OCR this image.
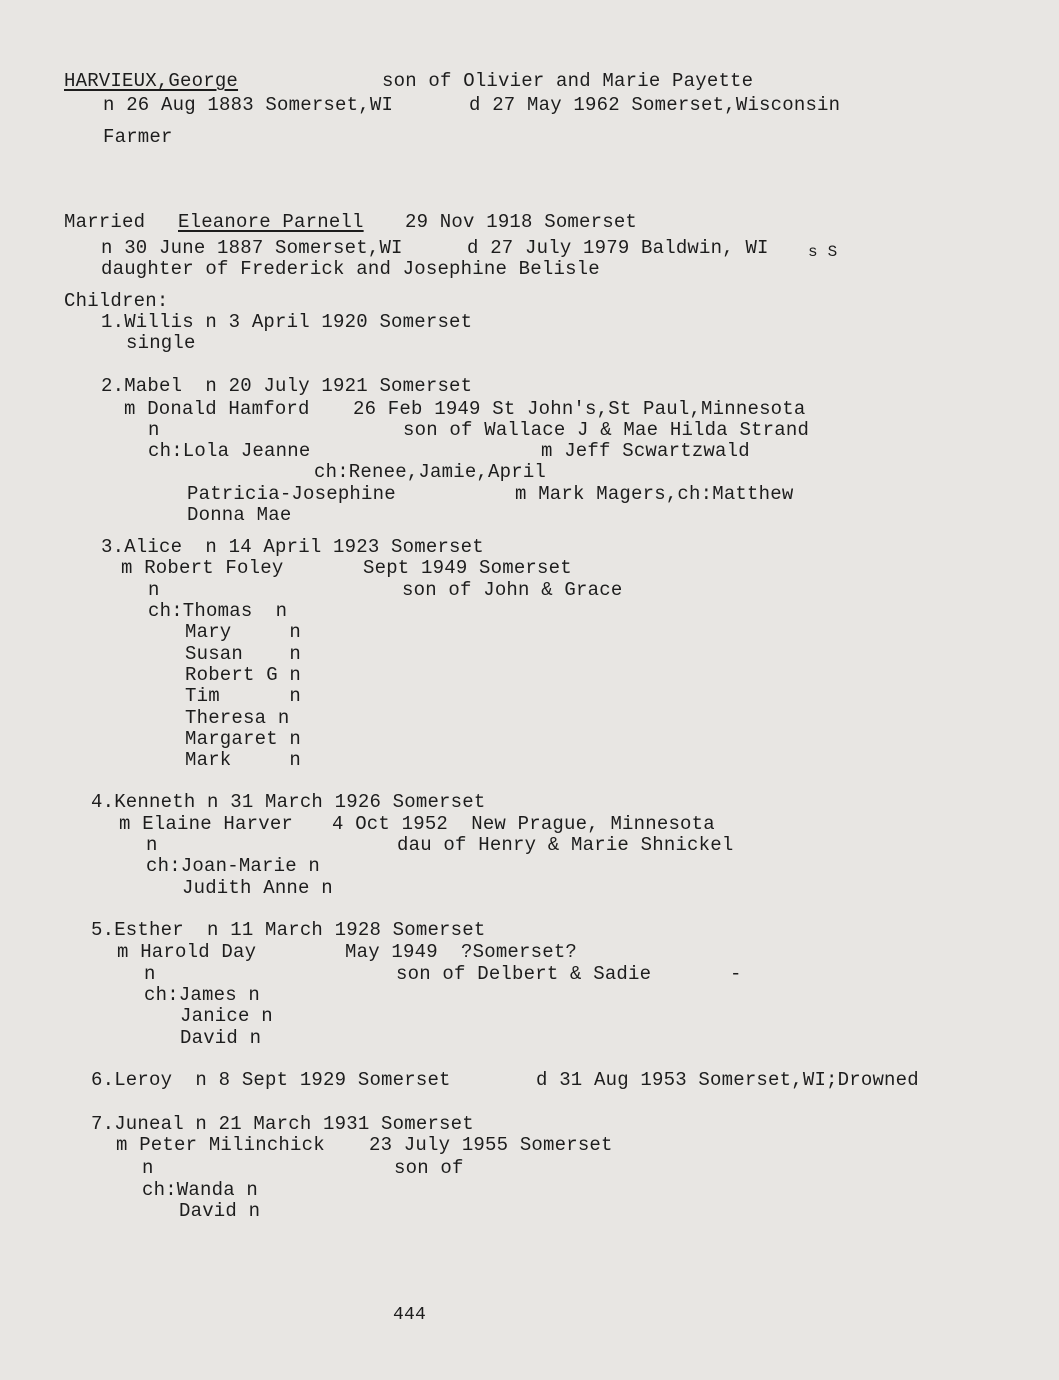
HARVIEUX,George	son of Olivier and Marie Payette
n 26 Aug 1883 Somerset,WI	d 27 May 1962 Somerset,Wisconsin
Farmer
Married Eleanore Parnell 29 Nov 1918 Somerset
n 30 June 1887 Somerset,WI	d 27 July 1979 Baldwin, WI s S
daughter of Frederick and Josephine Belisle
Children:
1.Willis n 3 April 1920 Somerset
single
2.Mabel  n 20 July 1921 Somerset
m Donald Hamford 26 Feb 1949 St John's,St Paul,Minnesota
n	son of Wallace J & Mae Hilda Strand
ch:Lola Jeanne	m Jeff Scwartzwald
ch:Renee,Jamie,April
Patricia-Josephine	m Mark Magers,ch:Matthew
Donna Mae
3.Alice  n 14 April 1923 Somerset
m Robert Foley	Sept 1949 Somerset
n	son of John & Grace
ch:Thomas  n
Mary     n
Susan    n
Robert G n
Tim      n
Theresa n
Margaret n
Mark     n
4.Kenneth n 31 March 1926 Somerset
m Elaine Harver 4 Oct 1952  New Prague, Minnesota
n	dau of Henry & Marie Shnickel
ch:Joan-Marie n
Judith Anne n
5.Esther  n 11 March 1928 Somerset
m Harold Day	May 1949  ?Somerset?
n	son of Delbert & Sadie	-
ch:James n
Janice n
David n
6.Leroy  n 8 Sept 1929 Somerset	d 31 Aug 1953 Somerset,WI;Drowned
7.Juneal n 21 March 1931 Somerset
m Peter Milinchick 23 July 1955 Somerset
n	son of
ch:Wanda n
David n
444
